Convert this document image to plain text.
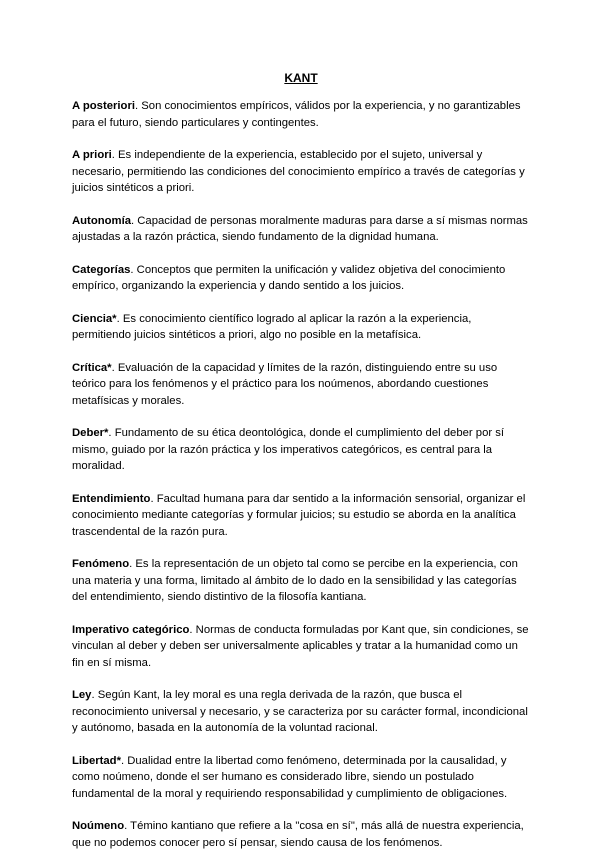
KANT

A posteriori. Son conocimientos empíricos, válidos por la experiencia, y no garantizables para el futuro, siendo particulares y contingentes.

A priori. Es independiente de la experiencia, establecido por el sujeto, universal y necesario, permitiendo las condiciones del conocimiento empírico a través de categorías y juicios sintéticos a priori.

Autonomía. Capacidad de personas moralmente maduras para darse a sí mismas normas ajustadas a la razón práctica, siendo fundamento de la dignidad humana.

Categorías. Conceptos que permiten la unificación y validez objetiva del conocimiento empírico, organizando la experiencia y dando sentido a los juicios.

Ciencia*. Es conocimiento científico logrado al aplicar la razón a la experiencia, permitiendo juicios sintéticos a priori, algo no posible en la metafísica.

Crítica*. Evaluación de la capacidad y límites de la razón, distinguiendo entre su uso teórico para los fenómenos y el práctico para los noúmenos, abordando cuestiones metafísicas y morales.

Deber*. Fundamento de su ética deontológica, donde el cumplimiento del deber por sí mismo, guiado por la razón práctica y los imperativos categóricos, es central para la moralidad.

Entendimiento. Facultad humana para dar sentido a la información sensorial, organizar el conocimiento mediante categorías y formular juicios; su estudio se aborda en la analítica trascendental de la razón pura.

Fenómeno. Es la representación de un objeto tal como se percibe en la experiencia, con una materia y una forma, limitado al ámbito de lo dado en la sensibilidad y las categorías del entendimiento, siendo distintivo de la filosofía kantiana.

Imperativo categórico. Normas de conducta formuladas por Kant que, sin condiciones, se vinculan al deber y deben ser universalmente aplicables y tratar a la humanidad como un fin en sí misma.

Ley. Según Kant, la ley moral es una regla derivada de la razón, que busca el reconocimiento universal y necesario, y se caracteriza por su carácter formal, incondicional y autónomo, basada en la autonomía de la voluntad racional.

Libertad*. Dualidad entre la libertad como fenómeno, determinada por la causalidad, y como noúmeno, donde el ser humano es considerado libre, siendo un postulado fundamental de la moral y requiriendo responsabilidad y cumplimiento de obligaciones.

Noúmeno. Témino kantiano que refiere a la "cosa en sí", más allá de nuestra experiencia, que no podemos conocer pero sí pensar, siendo causa de los fenómenos.
